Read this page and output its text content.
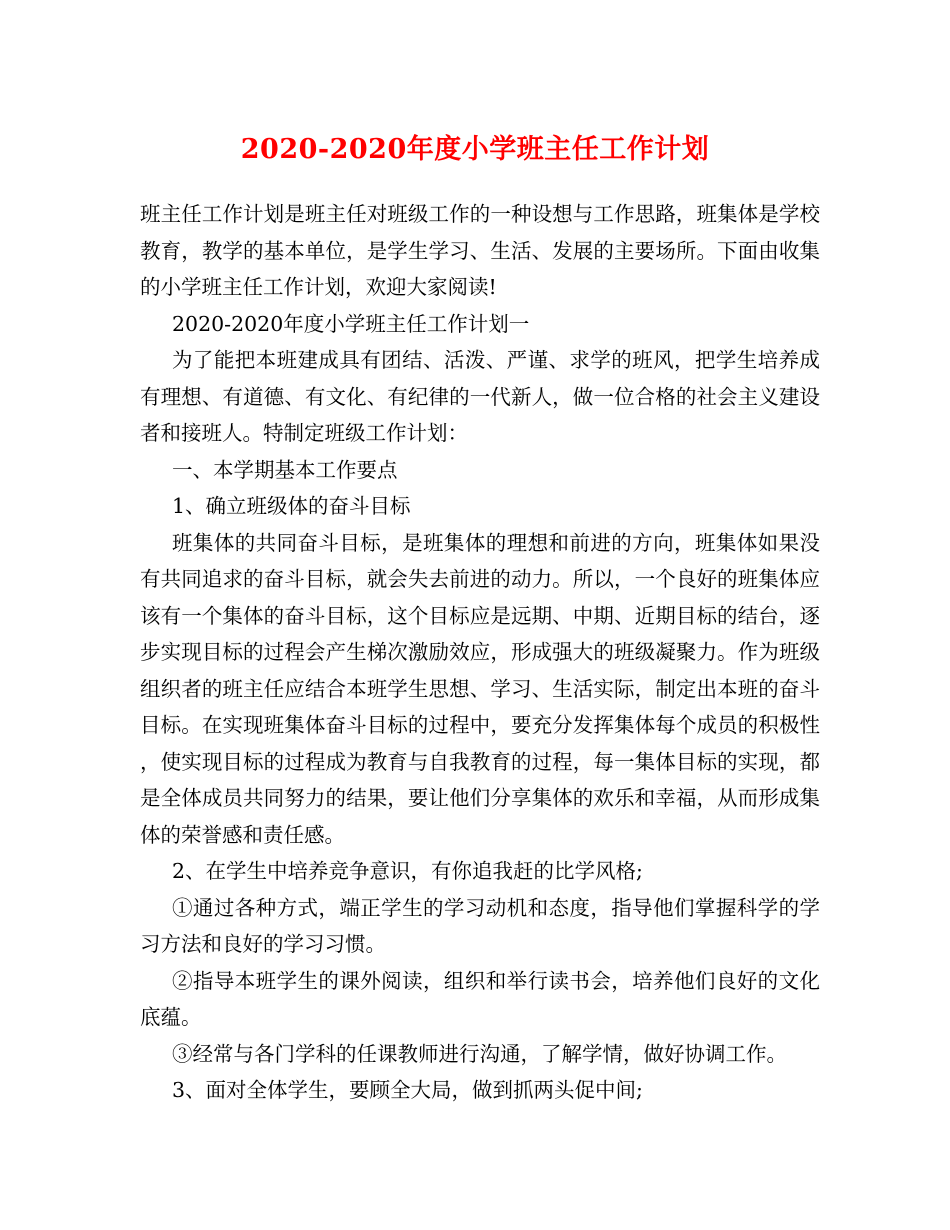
2020-2020年度小学班主任工作计划

班主任工作计划是班主任对班级工作的一种设想与工作思路，班集体是学校教育，教学的基本单位，是学生学习、生活、发展的主要场所。下面由收集的小学班主任工作计划，欢迎大家阅读!

2020-2020年度小学班主任工作计划一

为了能把本班建成具有团结、活泼、严谨、求学的班风，把学生培养成有理想、有道德、有文化、有纪律的一代新人，做一位合格的社会主义建设者和接班人。特制定班级工作计划：

一、本学期基本工作要点

1、确立班级体的奋斗目标

班集体的共同奋斗目标，是班集体的理想和前进的方向，班集体如果没有共同追求的奋斗目标，就会失去前进的动力。所以，一个良好的班集体应该有一个集体的奋斗目标，这个目标应是远期、中期、近期目标的结台，逐步实现目标的过程会产生梯次激励效应，形成强大的班级凝聚力。作为班级组织者的班主任应结合本班学生思想、学习、生活实际，制定出本班的奋斗目标。在实现班集体奋斗目标的过程中，要充分发挥集体每个成员的积极性，使实现目标的过程成为教育与自我教育的过程，每一集体目标的实现，都是全体成员共同努力的结果，要让他们分享集体的欢乐和幸福，从而形成集体的荣誉感和责任感。

2、在学生中培养竞争意识，有你追我赶的比学风格;

①通过各种方式，端正学生的学习动机和态度，指导他们掌握科学的学习方法和良好的学习习惯。

②指导本班学生的课外阅读，组织和举行读书会，培养他们良好的文化底蕴。

③经常与各门学科的任课教师进行沟通，了解学情，做好协调工作。

3、面对全体学生，要顾全大局，做到抓两头促中间;
